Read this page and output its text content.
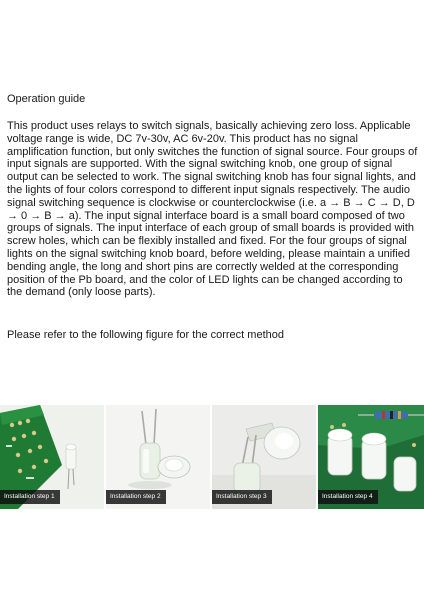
Operation guide

This product uses relays to switch signals, basically achieving zero loss. Applicable voltage range is wide, DC 7v-30v, AC 6v-20v. This product has no signal amplification function, but only switches the function of signal source. Four groups of input signals are supported. With the signal switching knob, one group of signal output can be selected to work. The signal switching knob has four signal lights, and the lights of four colors correspond to different input signals respectively. The audio signal switching sequence is clockwise or counterclockwise (i.e. a → B → C → D, D → 0 → B → a). The input signal interface board is a small board composed of two groups of signals. The input interface of each group of small boards is provided with screw holes, which can be flexibly installed and fixed. For the four groups of signal lights on the signal switching knob board, before welding, please maintain a unified bending angle, the long and short pins are correctly welded at the corresponding position of the Pb board, and the color of LED lights can be changed according to the demand (only loose parts).

Please refer to the following figure for the correct method
Installation step 1	Installation step 2	Installation step 3	Installation step 4
